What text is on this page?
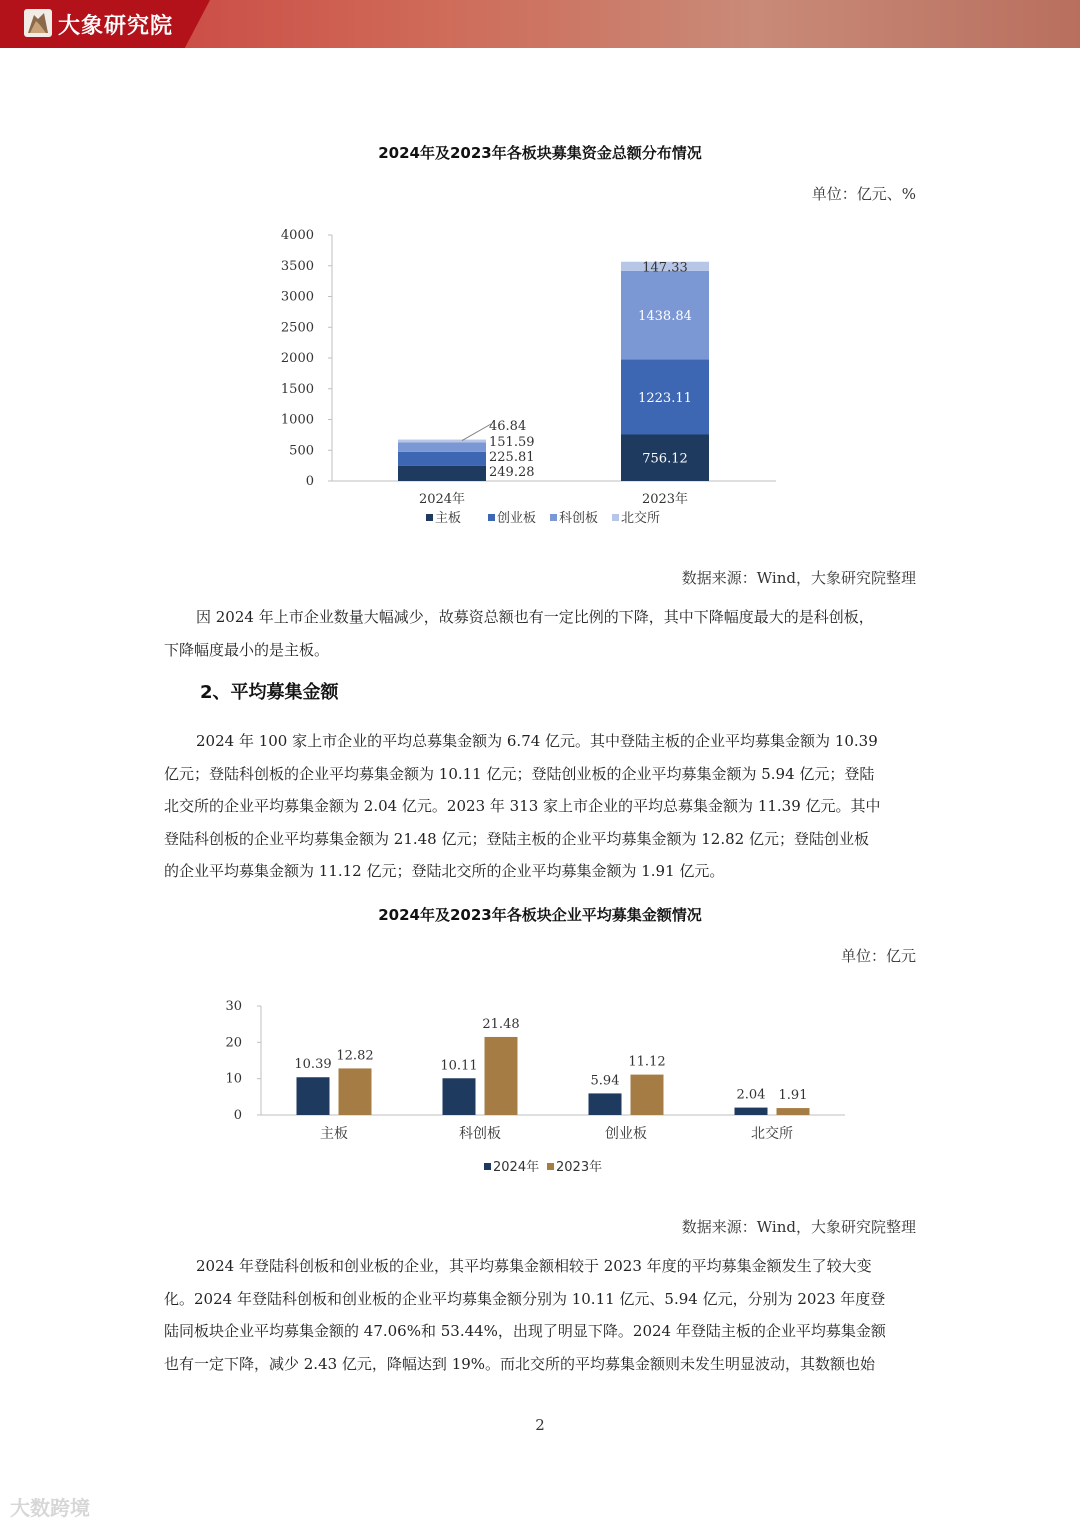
大象研究院
2024年及2023年各板块募集资金总额分布情况
单位：亿元、%
0
500
1000
1500
2000
2500
3000
3500
4000
2024年
249.28
225.81
151.59
46.84
2023年
756.12
1223.11
1438.84
147.33
主板	创业板 科创板 北交所
数据来源：Wind，大象研究院整理
因 2024 年上市企业数量大幅减少，故募资总额也有一定比例的下降，其中下降幅度最大的是科创板，
下降幅度最小的是主板。
2、平均募集金额
2024 年 100 家上市企业的平均总募集金额为 6.74 亿元。其中登陆主板的企业平均募集金额为 10.39
亿元；登陆科创板的企业平均募集金额为 10.11 亿元；登陆创业板的企业平均募集金额为 5.94 亿元；登陆
北交所的企业平均募集金额为 2.04 亿元。2023 年 313 家上市企业的平均总募集金额为 11.39 亿元。其中
登陆科创板的企业平均募集金额为 21.48 亿元；登陆主板的企业平均募集金额为 12.82 亿元；登陆创业板
的企业平均募集金额为 11.12 亿元；登陆北交所的企业平均募集金额为 1.91 亿元。
2024年及2023年各板块企业平均募集金额情况
单位：亿元
0
10
20
30
10.39
12.82
主板
10.11
21.48
科创板
5.94
11.12
创业板
2.04 1.91
北交所
2024年 2023年
数据来源：Wind，大象研究院整理
2024 年登陆科创板和创业板的企业，其平均募集金额相较于 2023 年度的平均募集金额发生了较大变
化。2024 年登陆科创板和创业板的企业平均募集金额分别为 10.11 亿元、5.94 亿元，分别为 2023 年度登
陆同板块企业平均募集金额的 47.06%和 53.44%，出现了明显下降。2024 年登陆主板的企业平均募集金额
也有一定下降，减少 2.43 亿元，降幅达到 19%。而北交所的平均募集金额则未发生明显波动，其数额也始
2
大数跨境
